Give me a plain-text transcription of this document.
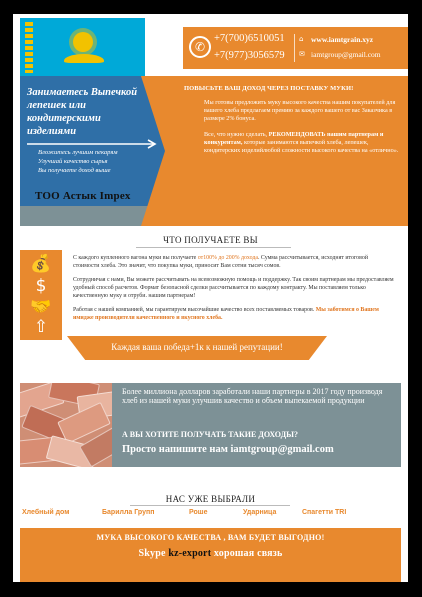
✆
+7(700)6510051
+7(977)3056579
⌂	www.iamtgrain.xyz
✉ iamtgroup@gmail.com
Занимаетесь Выпечкой лепешек или кондитерскими изделиями
Вложитесь лучшим пекарям
Улучшай качество сырья
Вы получаете доход выше
ТОО Астык Impex
ПОВЫСЬТЕ ВАШ ДОХОД ЧЕРЕЗ ПОСТАВКУ МУКИ!

Мы готовы предложить муку высокого качества нашим покупателей для вашего хлеба предлагаем премию за каждого вашего от вас Заказчика в размере 2% бонуса.

Все, что нужно сделать, РЕКОМЕНДОВАТЬ нашим партнерам и конкурентам, которые занимаются выпечкой хлеба, лепешек, кондитерских изделийлюбой сложности высокого качества на «отлично».

ЧТО ПОЛУЧАЕТЕ ВЫ
💰
$
🤝
⇧

С каждого купленного вагона муки вы получаете от100% до 200% дохода. Сумма рассчитывается, исходнят итоговой стоимости хлеба. Это значит, что покупка муки, приносит Вам сотни тысяч сомов.

Сотрудничая с нами, Вы можете рассчитывать на всевозможную помощь и поддержку. Так своим партнерам мы предоставляем удобный способ расчетов. Формат безопасной сделки рассчитывается по каждому контракту. Мы поставляем только качественную муку и отруби. нашим партнерам!

Работая с нашей компанией, мы гарантируем высочайшие качество всех поставляемых товаров. Мы заботимся о Вашем имидже производителя качественного и вкусного хлеба.

Каждая ваша победа+1к к нашей репутации!
Более миллиона долларов заработали наши партнеры в 2017 году производя хлеб из нашей муки улучшив качество и объем выпекаемой продукции
А ВЫ ХОТИТЕ ПОЛУЧАТЬ ТАКИЕ ДОХОДЫ?
Просто напишите нам iamtgroup@gmail.com
НАС УЖЕ ВЫБРАЛИ
Хлебный дом	Барилла Групп	Роше	Ударница	Спагетти TRI
МУКА ВЫСОКОГО КАЧЕСТВА , ВАМ БУДЕТ ВЫГОДНО!
Skype kz-export хорошая связь
